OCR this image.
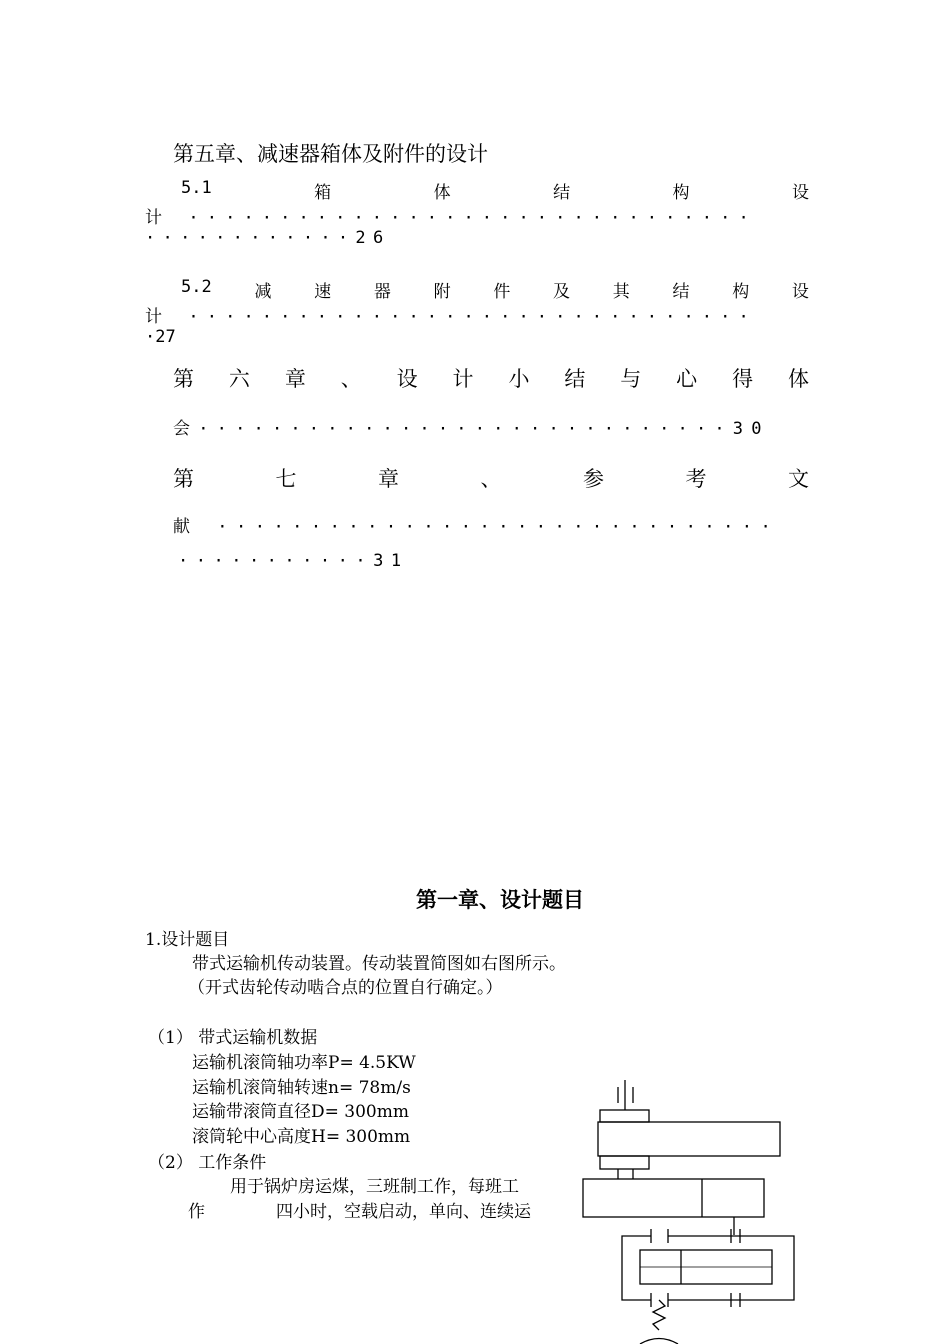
第五章、减速器箱体及附件的设计
5.1	箱	体	结	构	设
计 ·······························
············26
5.2	减	速	器	附	件	及	其	结	构	设
计 ·······························
·27
第 六 章 、 设 计 小 结 与 心 得 体
会·····························30
第	七	章	、	参	考	文
献 ······························
···········31
第一章、设计题目
1.设计题目
带式运输机传动装置。传动装置简图如右图所示。
（开式齿轮传动啮合点的位置自行确定。）
（1） 带式运输机数据
运输机滚筒轴功率P= 4.5KW
运输机滚筒轴转速n= 78m/s
运输带滚筒直径D= 300mm
滚筒轮中心高度H= 300mm
（2） 工作条件
用于锅炉房运煤，三班制工作，每班工
作	四小时，空载启动，单向、连续运
